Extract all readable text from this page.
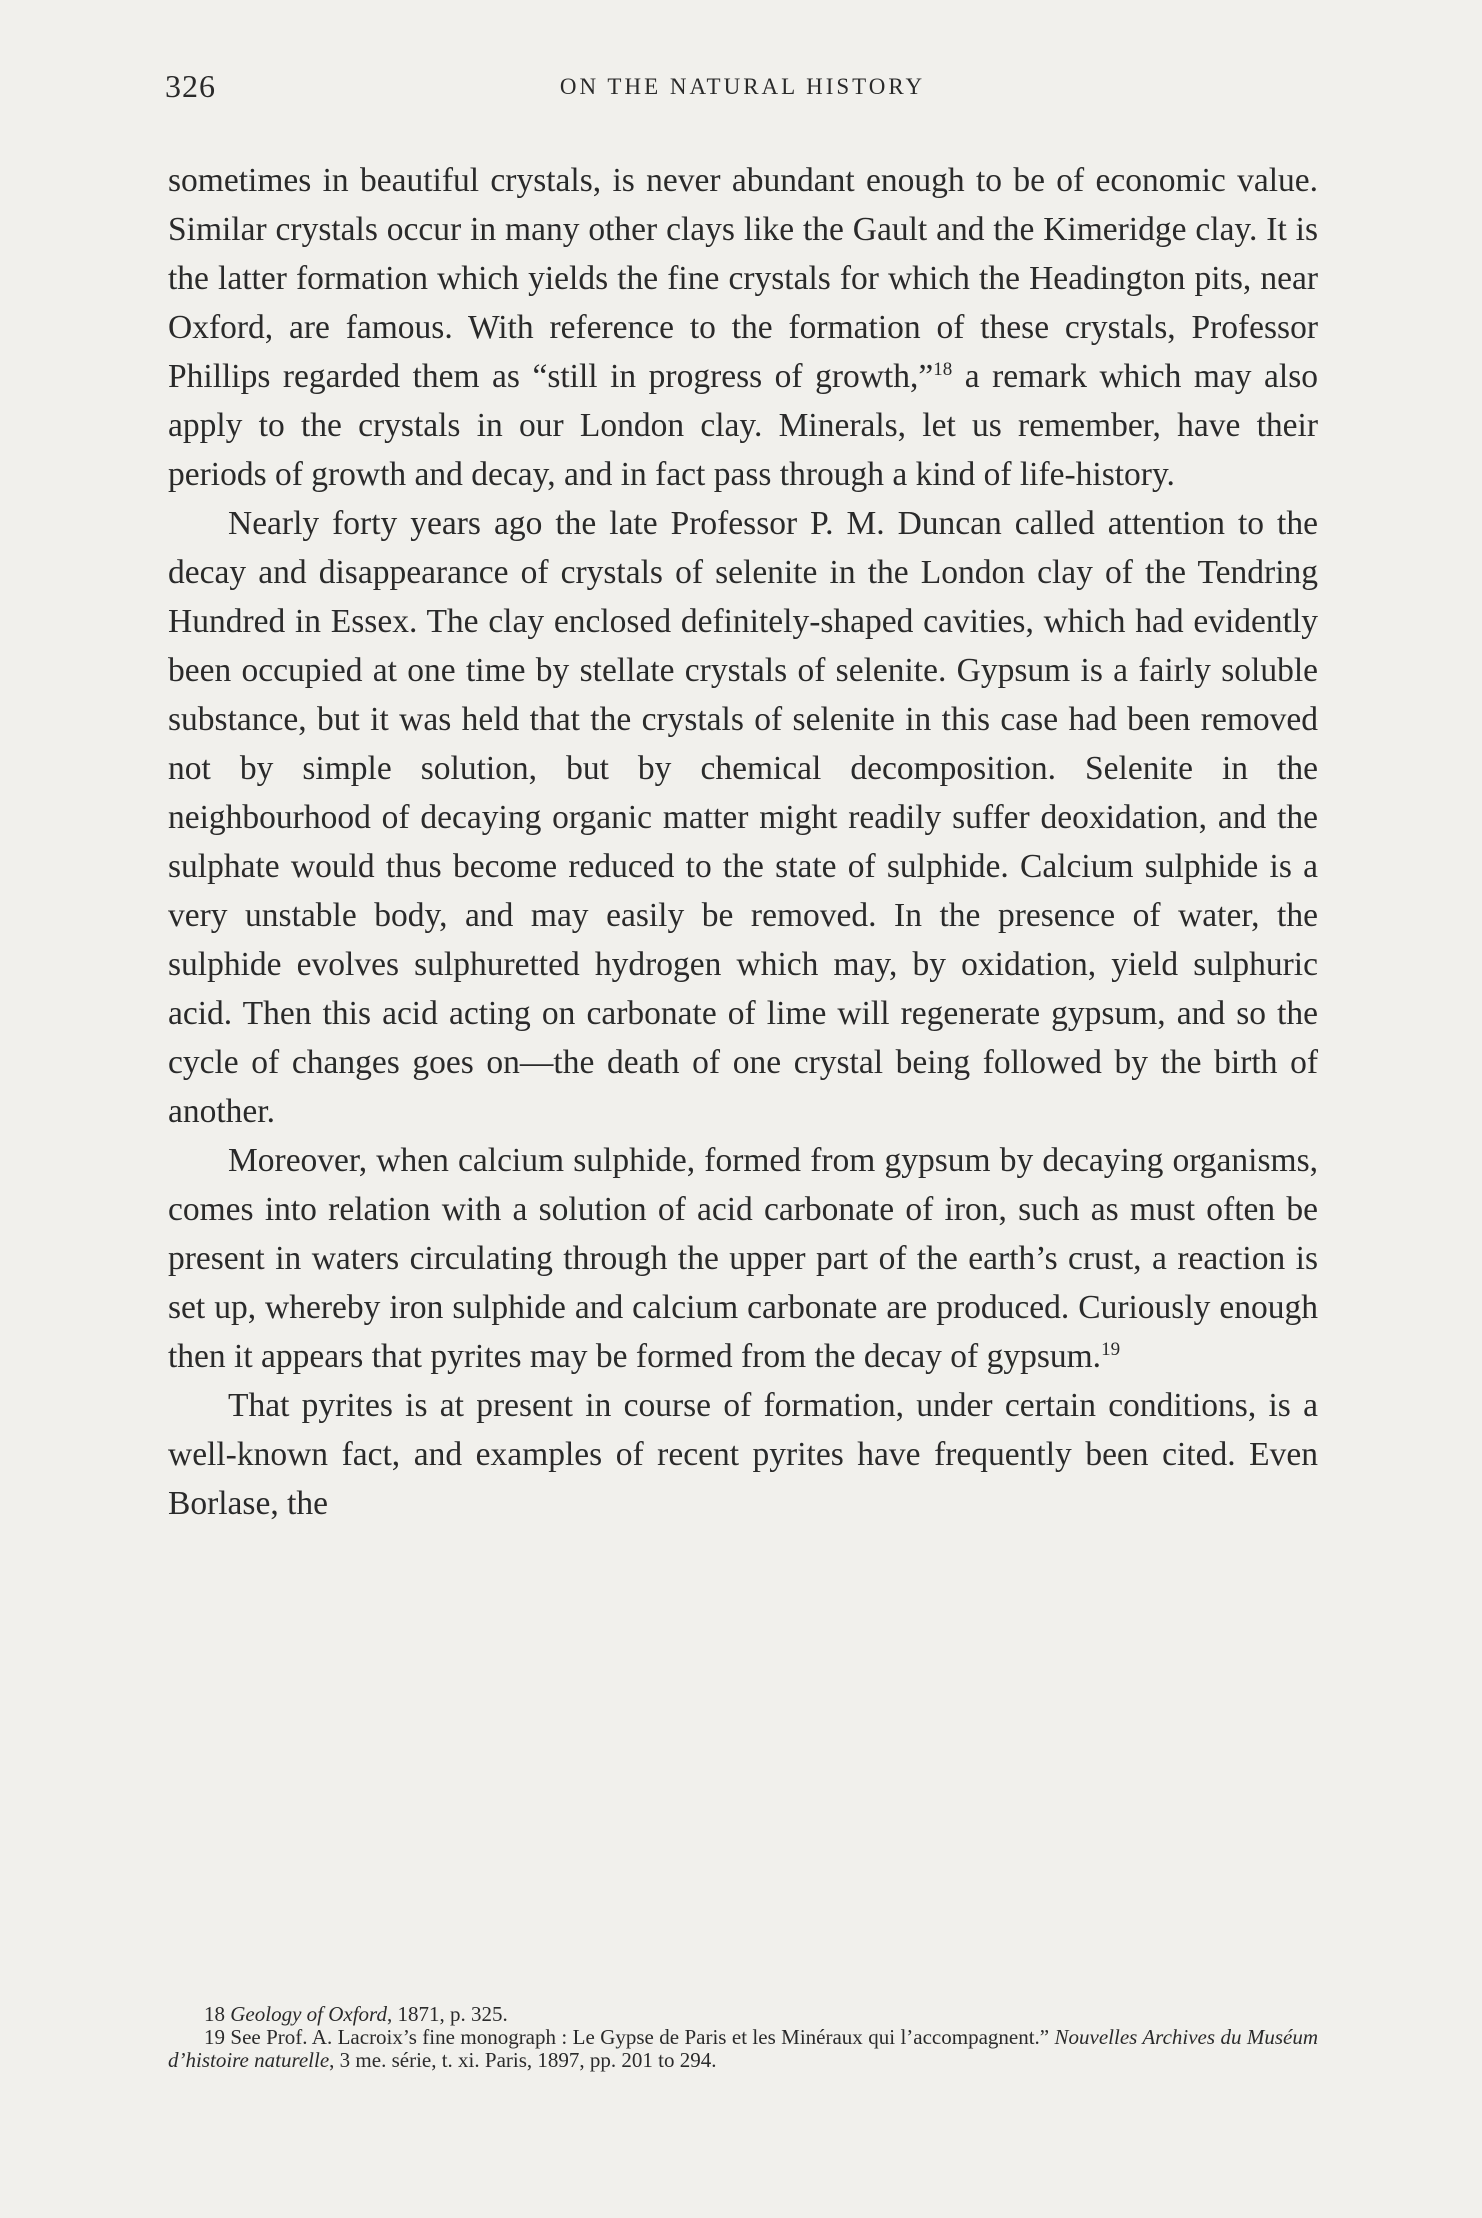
326	ON THE NATURAL HISTORY

sometimes in beautiful crystals, is never abundant enough to be of economic value. Similar crystals occur in many other clays like the Gault and the Kimeridge clay. It is the latter formation which yields the fine crystals for which the Headington pits, near Oxford, are famous. With reference to the formation of these crystals, Professor Phillips regarded them as “still in progress of growth,”$^{18}$ a remark which may also apply to the crystals in our London clay. Minerals, let us remember, have their periods of growth and decay, and in fact pass through a kind of life-history.

Nearly forty years ago the late Professor P. M. Duncan called attention to the decay and disappearance of crystals of selenite in the London clay of the Tendring Hundred in Essex. The clay enclosed definitely-shaped cavities, which had evidently been occupied at one time by stellate crystals of selenite. Gypsum is a fairly soluble substance, but it was held that the crystals of selenite in this case had been removed not by simple solution, but by chemical decomposition. Selenite in the neighbourhood of decaying organic matter might readily suffer deoxidation, and the sulphate would thus become reduced to the state of sulphide. Calcium sulphide is a very unstable body, and may easily be removed. In the presence of water, the sulphide evolves sulphuretted hydrogen which may, by oxidation, yield sulphuric acid. Then this acid acting on carbonate of lime will regenerate gypsum, and so the cycle of changes goes on—the death of one crystal being followed by the birth of another.

Moreover, when calcium sulphide, formed from gypsum by decaying organisms, comes into relation with a solution of acid carbonate of iron, such as must often be present in waters circulating through the upper part of the earth’s crust, a reaction is set up, whereby iron sulphide and calcium carbonate are produced. Curiously enough then it appears that pyrites may be formed from the decay of gypsum.$^{19}$

That pyrites is at present in course of formation, under certain conditions, is a well-known fact, and examples of recent pyrites have frequently been cited. Even Borlase, the

18 Geology of Oxford, 1871, p. 325.

19 See Prof. A. Lacroix’s fine monograph : Le Gypse de Paris et les Minéraux qui l’accompagnent.” Nouvelles Archives du Muséum d’histoire naturelle, 3 me. série, t. xi. Paris, 1897, pp. 201 to 294.
